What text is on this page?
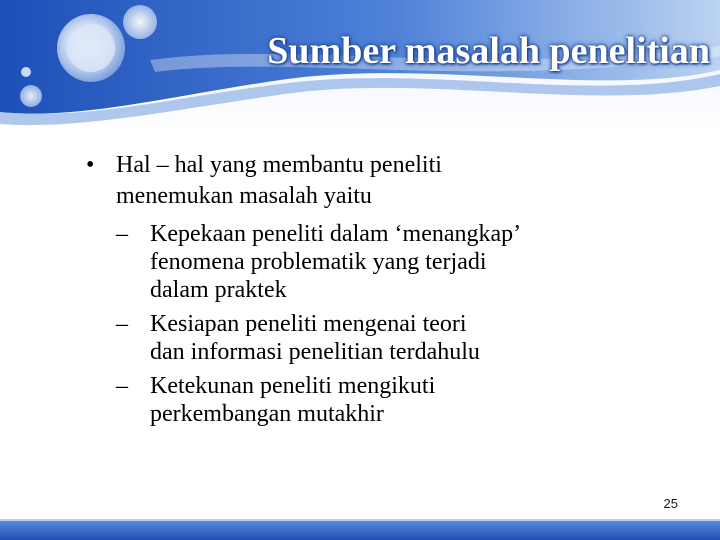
Sumber masalah penelitian
• Hal – hal yang membantu peneliti
menemukan masalah yaitu
– Kepekaan peneliti dalam ‘menangkap’
fenomena problematik yang terjadi
dalam praktek
– Kesiapan peneliti mengenai teori
dan informasi penelitian terdahulu
– Ketekunan peneliti mengikuti
perkembangan mutakhir
25
